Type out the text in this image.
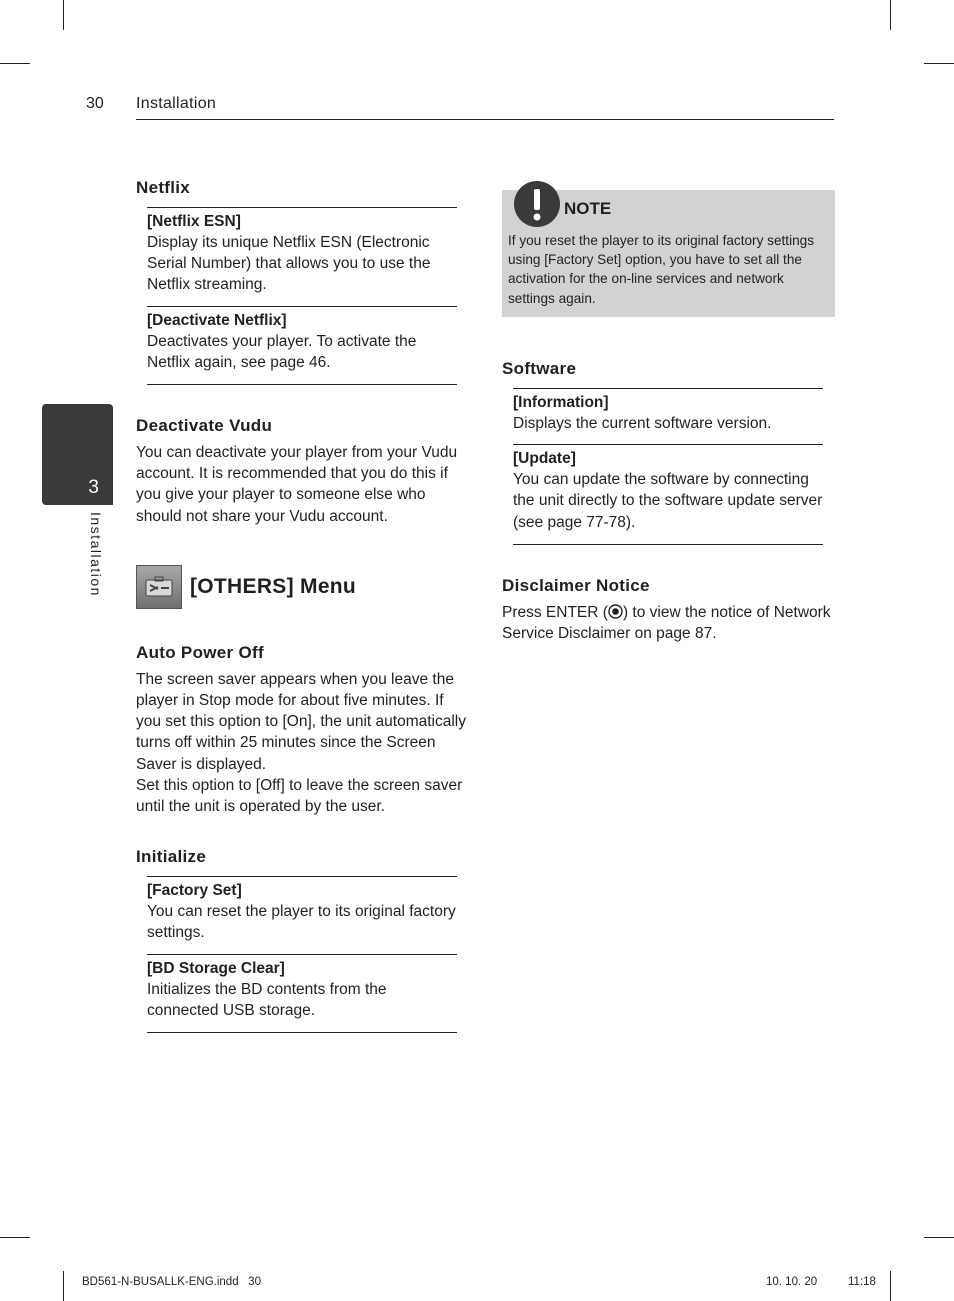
30 Installation
3
Installation
Netflix
[Netflix ESN]
Display its unique Netflix ESN (Electronic Serial Number) that allows you to use the Netflix streaming.
[Deactivate Netflix]
Deactivates your player. To activate the Netflix again, see page 46.
Deactivate Vudu

You can deactivate your player from your Vudu account. It is recommended that you do this if you give your player to someone else who should not share your Vudu account.

[OTHERS] Menu
Auto Power Off

The screen saver appears when you leave the player in Stop mode for about five minutes. If you set this option to [On], the unit automatically turns off within 25 minutes since the Screen Saver is displayed.

Set this option to [Off] to leave the screen saver until the unit is operated by the user.

Initialize
[Factory Set]
You can reset the player to its original factory settings.
[BD Storage Clear]
Initializes the BD contents from the connected USB storage.
NOTE
If you reset the player to its original factory settings using [Factory Set] option, you have to set all the activation for the on-line services and network settings again.
Software
[Information]
Displays the current software version.
[Update]
You can update the software by connecting the unit directly to the software update server (see page 77-78).
Disclaimer Notice

Press ENTER ( ) to view the notice of Network Service Disclaimer on page 87.

BD561-N-BUSALLK-ENG.indd   30	10. 10. 20	11:18
